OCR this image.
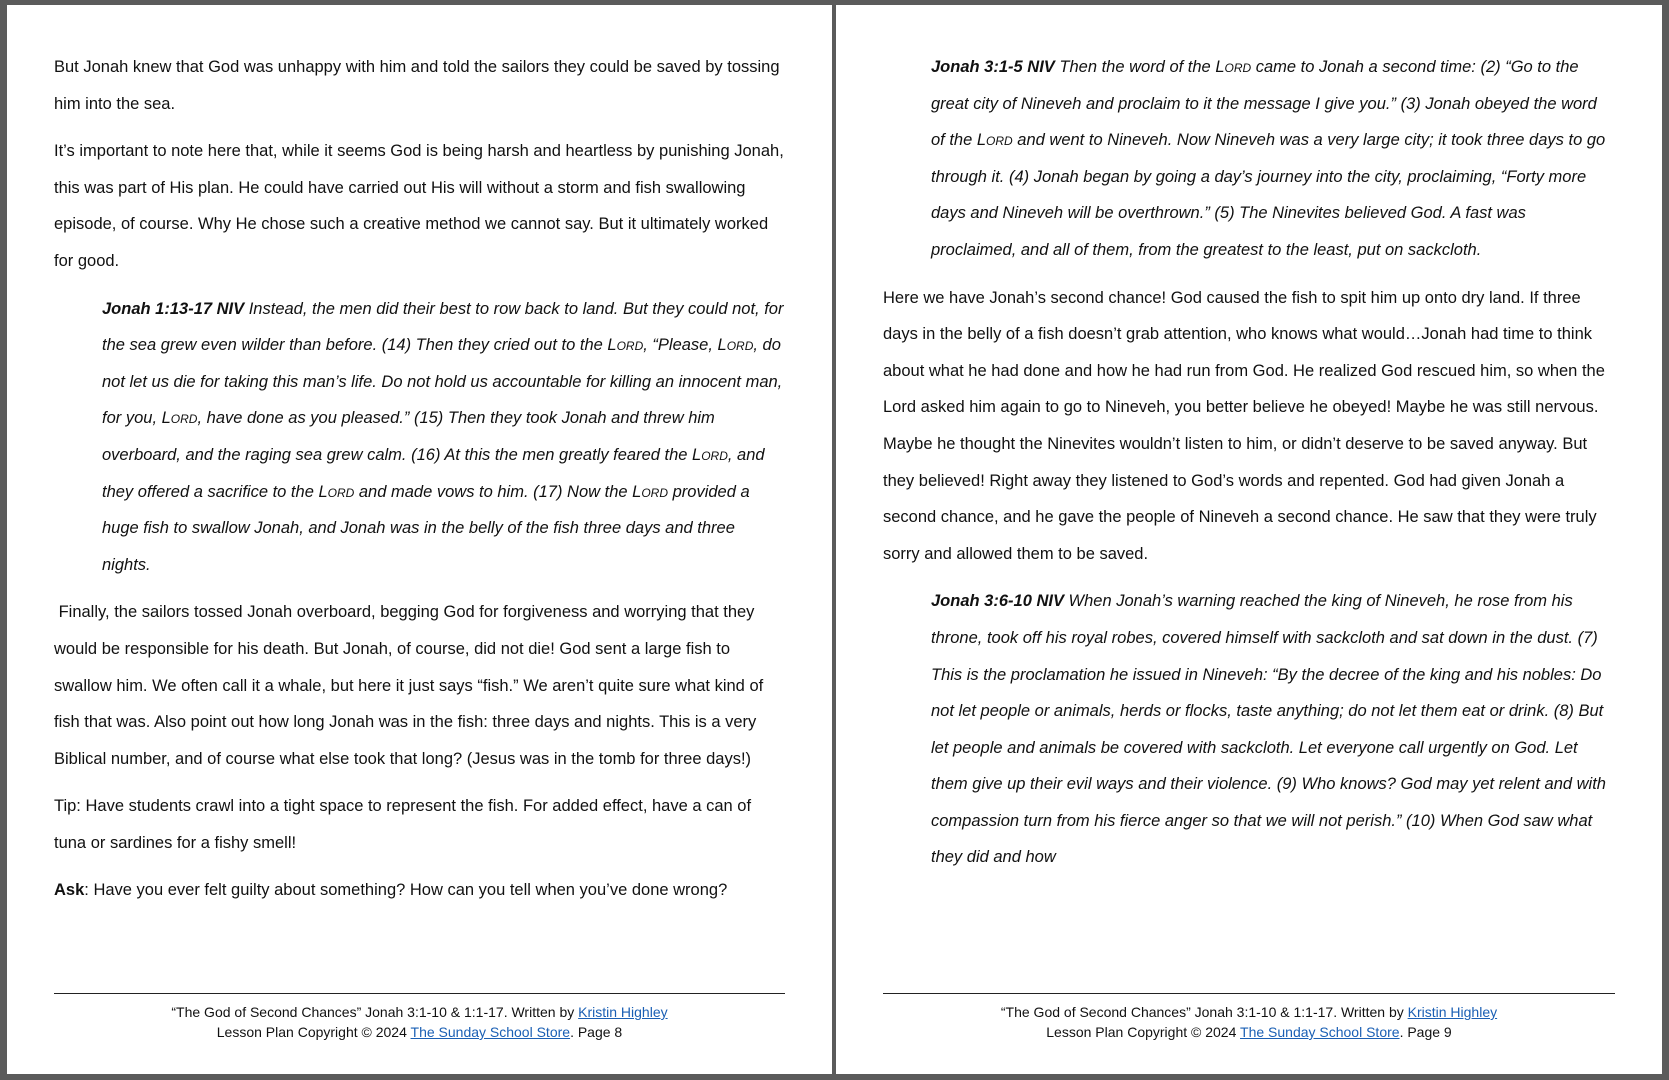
But Jonah knew that God was unhappy with him and told the sailors they could be saved by tossing him into the sea.

It’s important to note here that, while it seems God is being harsh and heartless by punishing Jonah, this was part of His plan. He could have carried out His will without a storm and fish swallowing episode, of course. Why He chose such a creative method we cannot say. But it ultimately worked for good.

Jonah 1:13-17 NIV Instead, the men did their best to row back to land. But they could not, for the sea grew even wilder than before. (14) Then they cried out to the Lord, “Please, Lord, do not let us die for taking this man’s life. Do not hold us accountable for killing an innocent man, for you, Lord, have done as you pleased.” (15) Then they took Jonah and threw him overboard, and the raging sea grew calm. (16) At this the men greatly feared the Lord, and they offered a sacrifice to the Lord and made vows to him. (17) Now the Lord provided a huge fish to swallow Jonah, and Jonah was in the belly of the fish three days and three nights.

Finally, the sailors tossed Jonah overboard, begging God for forgiveness and worrying that they would be responsible for his death. But Jonah, of course, did not die! God sent a large fish to swallow him. We often call it a whale, but here it just says “fish.” We aren’t quite sure what kind of fish that was. Also point out how long Jonah was in the fish: three days and nights. This is a very Biblical number, and of course what else took that long? (Jesus was in the tomb for three days!)

Tip: Have students crawl into a tight space to represent the fish. For added effect, have a can of tuna or sardines for a fishy smell!

Ask: Have you ever felt guilty about something? How can you tell when you’ve done wrong?

“The God of Second Chances” Jonah 3:1-10 & 1:1-17. Written by Kristin Highley
Lesson Plan Copyright © 2024 The Sunday School Store. Page 8

Jonah 3:1-5 NIV Then the word of the Lord came to Jonah a second time: (2) “Go to the great city of Nineveh and proclaim to it the message I give you.” (3) Jonah obeyed the word of the Lord and went to Nineveh. Now Nineveh was a very large city; it took three days to go through it. (4) Jonah began by going a day’s journey into the city, proclaiming, “Forty more days and Nineveh will be overthrown.” (5) The Ninevites believed God. A fast was proclaimed, and all of them, from the greatest to the least, put on sackcloth.

Here we have Jonah’s second chance! God caused the fish to spit him up onto dry land. If three days in the belly of a fish doesn’t grab attention, who knows what would…Jonah had time to think about what he had done and how he had run from God. He realized God rescued him, so when the Lord asked him again to go to Nineveh, you better believe he obeyed! Maybe he was still nervous. Maybe he thought the Ninevites wouldn’t listen to him, or didn’t deserve to be saved anyway. But they believed! Right away they listened to God’s words and repented. God had given Jonah a second chance, and he gave the people of Nineveh a second chance. He saw that they were truly sorry and allowed them to be saved.

Jonah 3:6-10 NIV When Jonah’s warning reached the king of Nineveh, he rose from his throne, took off his royal robes, covered himself with sackcloth and sat down in the dust. (7) This is the proclamation he issued in Nineveh: “By the decree of the king and his nobles: Do not let people or animals, herds or flocks, taste anything; do not let them eat or drink. (8) But let people and animals be covered with sackcloth. Let everyone call urgently on God. Let them give up their evil ways and their violence. (9) Who knows? God may yet relent and with compassion turn from his fierce anger so that we will not perish.” (10) When God saw what they did and how

“The God of Second Chances” Jonah 3:1-10 & 1:1-17. Written by Kristin Highley
Lesson Plan Copyright © 2024 The Sunday School Store. Page 9
